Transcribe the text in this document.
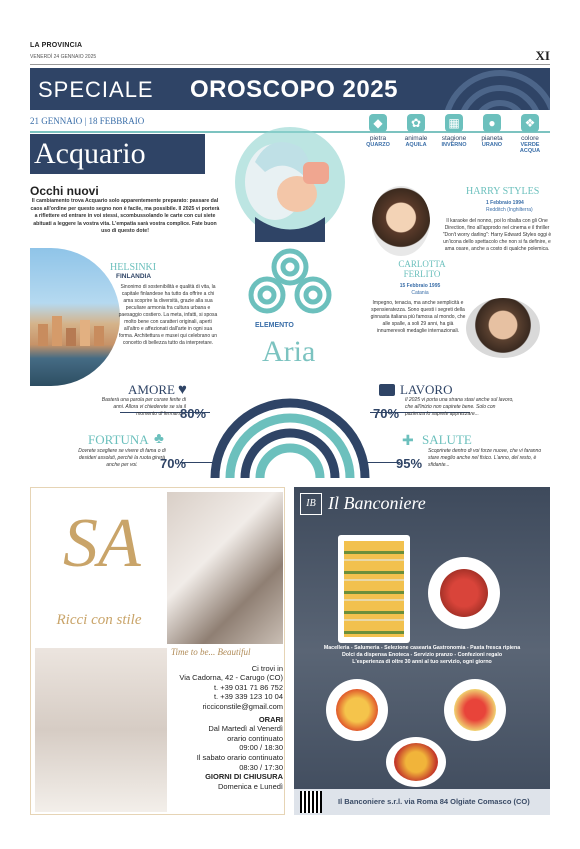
LA PROVINCIA
VENERDÌ 24 GENNAIO 2025	XI
SPECIALE OROSCOPO 2025
21 GENNAIO | 18 FEBBRAIO
Acquario
◆
pietra
QUARZO
✿
animale
AQUILA
▦
stagione
INVERNO
●
pianeta
URANO
❖
colore
VERDE ACQUA
ELEMENTO
Aria
Occhi nuovi
Il cambiamento trova Acquario solo apparentemente preparato: passare dal caos all'ordine per questo segno non è facile, ma possibile. Il 2025 vi porterà a riflettere ed entrare in voi stessi, scombussolando le carte con cui siete abituati a leggere la vostra vita. L'empatia sarà vostra complice. Fate buon uso di questo dote!
HELSINKI
FINLANDIA
Sinonimo di sostenibilità e qualità di vita, la capitale finlandese ha tutto da offrire a chi ama scoprire la diversità, grazie alla sua peculiare armonia fra cultura urbana e paesaggio costiero. La meta, infatti, si sposa molto bene con caratteri originali, aperti all'altro e affezionati dall'arte in ogni sua forma. Architettura e musei qui celebrano un concetto di bellezza tutto da interpretare.
HARRY STYLES
1 Febbraio 1994
Redditch (Inghilterra)
Il karaoke del nonno, poi lo ribalta con gli One Direction, fino all'approdo nel cinema e il thriller "Don't worry darling": Harry Edward Styles oggi è un'icona dello spettacolo che non si fa definire, e ama osare, anche a costo di qualche polemica.
CARLOTTA FERLITO
15 Febbraio 1995
Catania
Impegno, tenacia, ma anche semplicità e spensieratezza. Sono questi i segreti della ginnasta italiana più famosa al mondo, che alle spalle, a soli 29 anni, ha già innumerevoli medaglie internazionali.
AMORE ♥
Basterà una parola per curare ferite di anni. Allora vi chiederete se sia il momento di fermarsi...
80%
LAVORO
Il 2025 vi porta una strana stasi anche sul lavoro, che all'inizio non capirete bene. Solo con pazienza lo saprete apprezzare...
70%
FORTUNA ♣
Dovrete scegliere se vivere di fama o di desideri assoluti, perché la ruota girerà anche per voi.	70%
✚ SALUTE
Scoprirete dentro di voi forze nuove, che vi faranno stare meglio anche nel fisico. L'anno, del resto, è sfidante...
95%
SA
Ricci con stile
Time to be... Beautiful
Ci trovi in
Via Cadorna, 42 - Carugo (CO)
t. +39 031 71 86 752
t. +39 339 123 10 04
ricciconstile@gmail.com
ORARI
Dal Martedì al Venerdì
orario continuato
09:00 / 18:30
Il sabato orario continuato
08:30 / 17:30
GIORNI DI CHIUSURA
Domenica e Lunedì
IB Il Banconiere
Macelleria - Salumeria - Selezione casearia Gastronomia - Pasta fresca ripiena
Dolci da dispensa Enoteca - Servizio pranzo - Confezioni regalo
L'esperienza di oltre 30 anni al tuo servizio, ogni giorno
Il Banconiere s.r.l. via Roma 84 Olgiate Comasco (CO)
